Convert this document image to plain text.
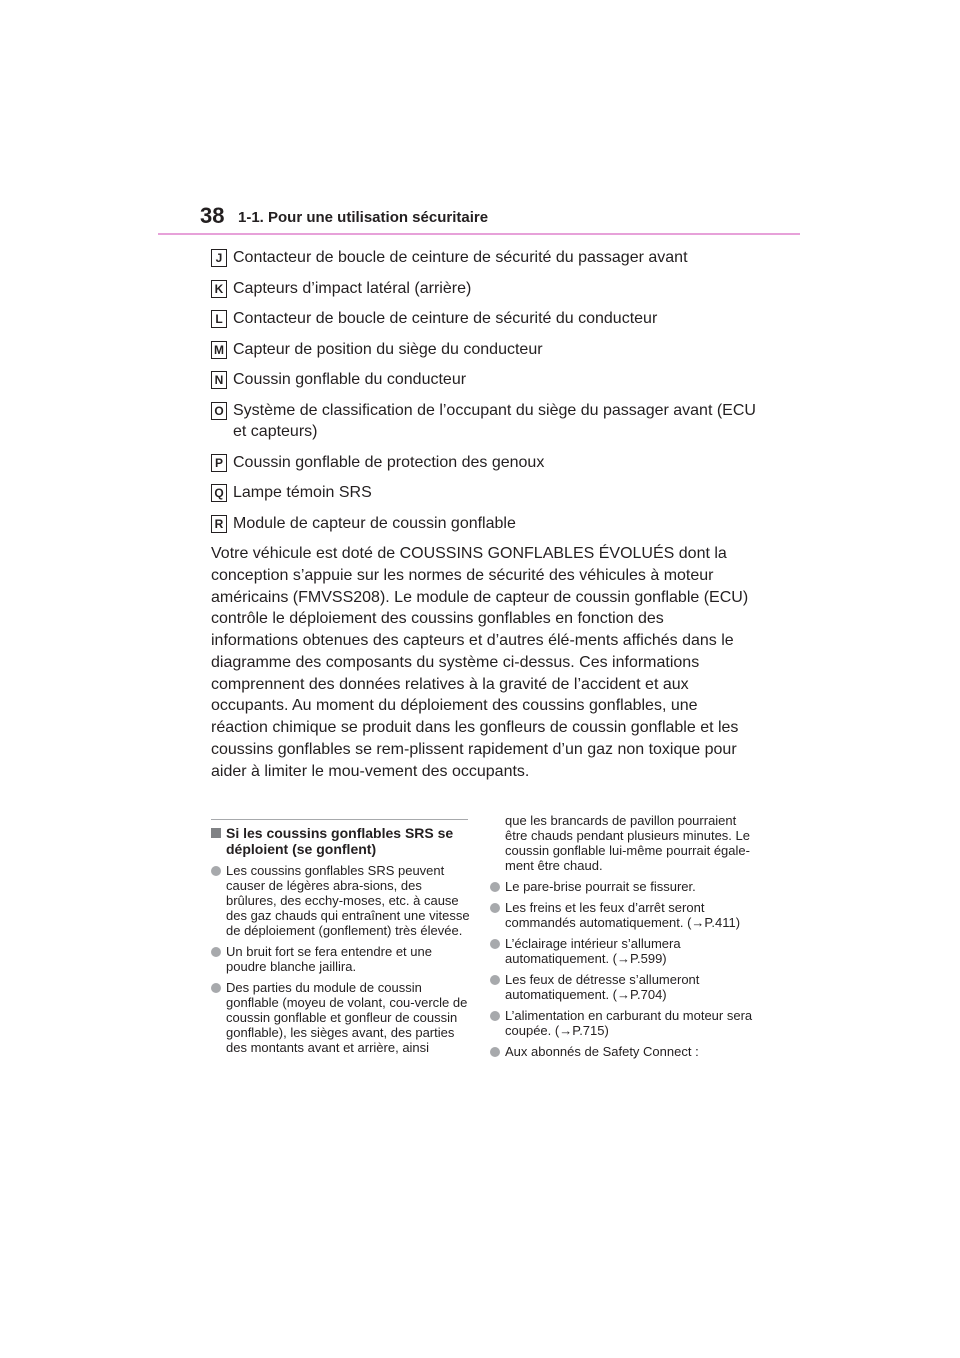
38 1-1. Pour une utilisation sécuritaire
J Contacteur de boucle de ceinture de sécurité du passager avant
K Capteurs d’impact latéral (arrière)
L Contacteur de boucle de ceinture de sécurité du conducteur
M Capteur de position du siège du conducteur
N Coussin gonflable du conducteur
O Système de classification de l’occupant du siège du passager avant (ECU et capteurs)
P Coussin gonflable de protection des genoux
Q Lampe témoin SRS
R Module de capteur de coussin gonflable

Votre véhicule est doté de COUSSINS GONFLABLES ÉVOLUÉS dont la conception s’appuie sur les normes de sécurité des véhicules à moteur américains (FMVSS208). Le module de capteur de coussin gonflable (ECU) contrôle le déploiement des coussins gonflables en fonction des informations obtenues des capteurs et d’autres élé-ments affichés dans le diagramme des composants du système ci-dessus. Ces informations comprennent des données relatives à la gravité de l’accident et aux occupants. Au moment du déploiement des coussins gonflables, une réaction chimique se produit dans les gonfleurs de coussin gonflable et les coussins gonflables se rem-plissent rapidement d’un gaz non toxique pour aider à limiter le mou-vement des occupants.

Si les coussins gonflables SRS se déploient (se gonflent)
Les coussins gonflables SRS peuvent causer de légères abra-sions, des brûlures, des ecchy-moses, etc. à cause des gaz chauds qui entraînent une vitesse de déploiement (gonflement) très élevée.
Un bruit fort se fera entendre et une poudre blanche jaillira.
Des parties du module de coussin gonflable (moyeu de volant, cou-vercle de coussin gonflable et gonfleur de coussin gonflable), les sièges avant, des parties des montants avant et arrière, ainsi
que les brancards de pavillon pourraient être chauds pendant plusieurs minutes. Le coussin gonflable lui-même pourrait égale-ment être chaud.
Le pare-brise pourrait se fissurer.
Les freins et les feux d’arrêt seront commandés automatiquement. (→P.411)
L’éclairage intérieur s’allumera automatiquement. (→P.599)
Les feux de détresse s’allumeront automatiquement. (→P.704)
L’alimentation en carburant du moteur sera coupée. (→P.715)
Aux abonnés de Safety Connect :
